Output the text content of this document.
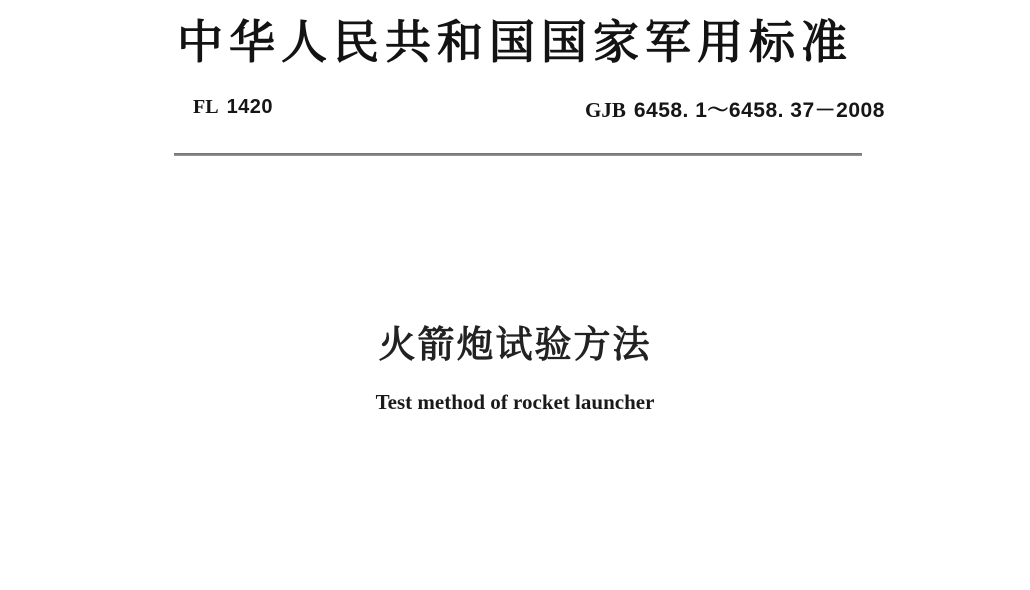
中华人民共和国国家军用标准
FL 1420	GJB 6458. 1～6458. 37－2008
火箭炮试验方法
Test method of rocket launcher
